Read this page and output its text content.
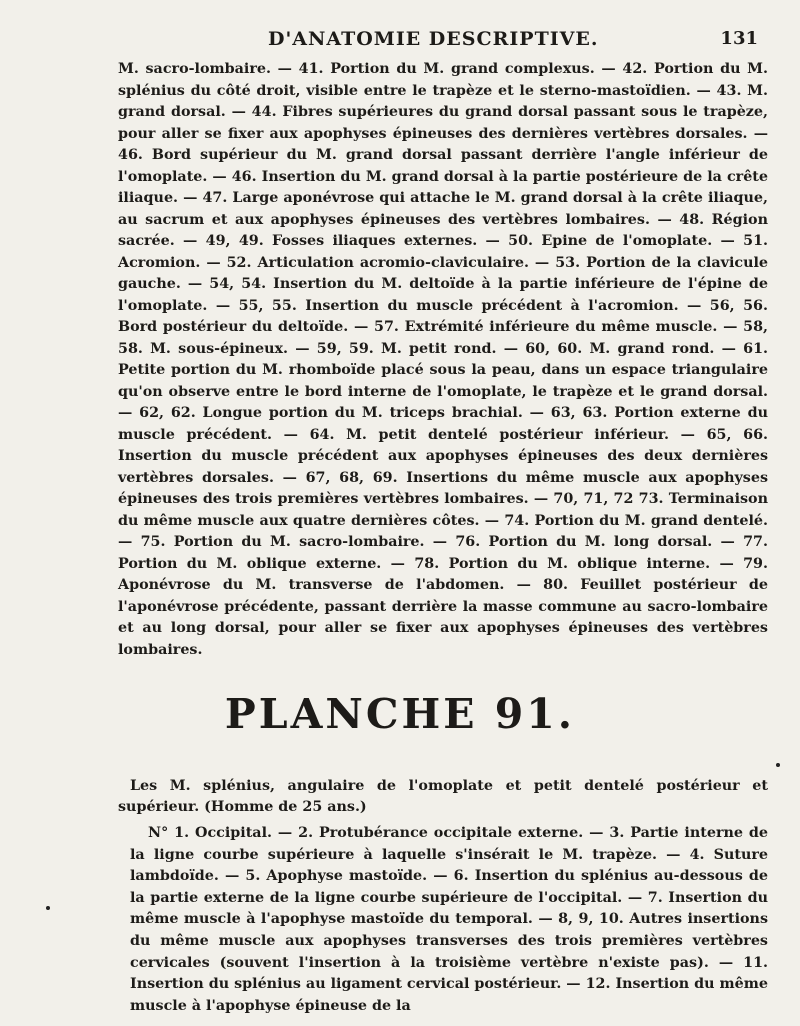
D'ANATOMIE DESCRIPTIVE.	131

M. sacro-lombaire. — 41. Portion du M. grand complexus. — 42. Portion du M. splénius du côté droit, visible entre le trapèze et le sterno-mastoïdien. — 43. M. grand dorsal. — 44. Fibres supérieures du grand dorsal passant sous le trapèze, pour aller se fixer aux apophyses épineuses des dernières vertèbres dorsales. — 46. Bord supérieur du M. grand dorsal passant derrière l'angle inférieur de l'omoplate. — 46. Insertion du M. grand dorsal à la partie postérieure de la crête iliaque. — 47. Large aponévrose qui attache le M. grand dorsal à la crête iliaque, au sacrum et aux apophyses épineuses des vertèbres lombaires. — 48. Région sacrée. — 49, 49. Fosses iliaques externes. — 50. Epine de l'omoplate. — 51. Acromion. — 52. Articulation acromio-claviculaire. — 53. Portion de la clavicule gauche. — 54, 54. Insertion du M. deltoïde à la partie inférieure de l'épine de l'omoplate. — 55, 55. Insertion du muscle précédent à l'acromion. — 56, 56. Bord postérieur du deltoïde. — 57. Extrémité inférieure du même muscle. — 58, 58. M. sous-épineux. — 59, 59. M. petit rond. — 60, 60. M. grand rond. — 61. Petite portion du M. rhomboïde placé sous la peau, dans un espace triangulaire qu'on observe entre le bord interne de l'omoplate, le trapèze et le grand dorsal. — 62, 62. Longue portion du M. triceps brachial. — 63, 63. Portion externe du muscle précédent. — 64. M. petit dentelé postérieur inférieur. — 65, 66. Insertion du muscle précédent aux apophyses épineuses des deux dernières vertèbres dorsales. — 67, 68, 69. Insertions du même muscle aux apophyses épineuses des trois premières vertèbres lombaires. — 70, 71, 72 73. Terminaison du même muscle aux quatre dernières côtes. — 74. Portion du M. grand dentelé. — 75. Portion du M. sacro-lombaire. — 76. Portion du M. long dorsal. — 77. Portion du M. oblique externe. — 78. Portion du M. oblique interne. — 79. Aponévrose du M. transverse de l'abdomen. — 80. Feuillet postérieur de l'aponévrose précédente, passant derrière la masse commune au sacro-lombaire et au long dorsal, pour aller se fixer aux apophyses épineuses des vertèbres lombaires.

PLANCHE 91.

Les M. splénius, angulaire de l'omoplate et petit dentelé postérieur et supérieur. (Homme de 25 ans.)

N° 1. Occipital. — 2. Protubérance occipitale externe. — 3. Partie interne de la ligne courbe supérieure à laquelle s'insérait le M. trapèze. — 4. Suture lambdoïde. — 5. Apophyse mastoïde. — 6. Insertion du splénius au-dessous de la partie externe de la ligne courbe supérieure de l'occipital. — 7. Insertion du même muscle à l'apophyse mastoïde du temporal. — 8, 9, 10. Autres insertions du même muscle aux apophyses transverses des trois premières vertèbres cervicales (souvent l'insertion à la troisième vertèbre n'existe pas). — 11. Insertion du splénius au ligament cervical postérieur. — 12. Insertion du même muscle à l'apophyse épineuse de la
